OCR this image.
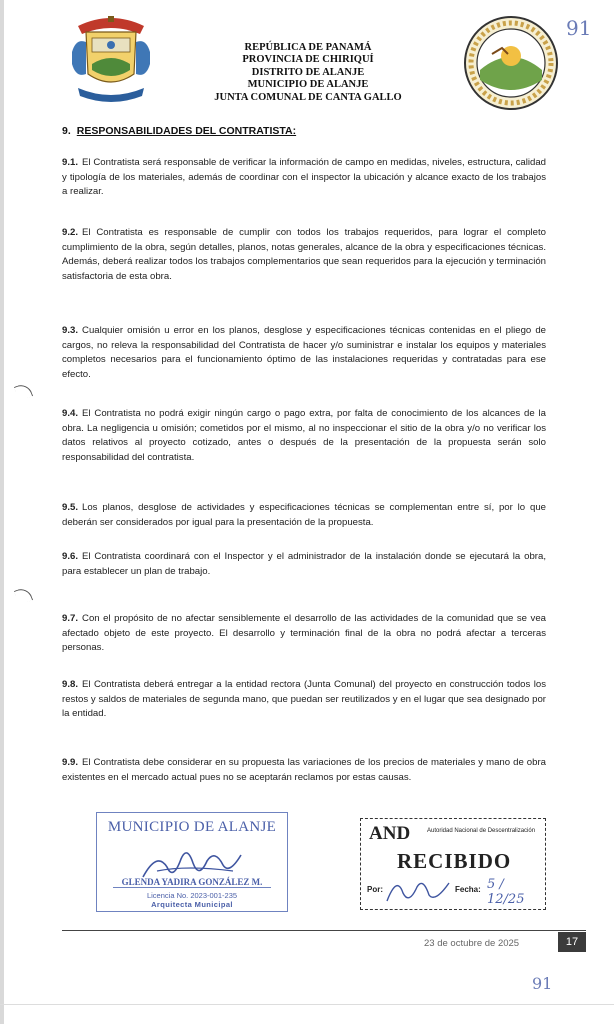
91
REPÚBLICA DE PANAMÁ
PROVINCIA DE CHIRIQUÍ
DISTRITO DE ALANJE
MUNICIPIO DE ALANJE
JUNTA COMUNAL DE CANTA GALLO
9. RESPONSABILIDADES DEL CONTRATISTA:
9.1. El Contratista será responsable de verificar la información de campo en medidas, niveles, estructura, calidad y tipología de los materiales, además de coordinar con el inspector la ubicación y alcance exacto de los trabajos a realizar.
9.2. El Contratista es responsable de cumplir con todos los trabajos requeridos, para lograr el completo cumplimiento de la obra, según detalles, planos, notas generales, alcance de la obra y especificaciones técnicas. Además, deberá realizar todos los trabajos complementarios que sean requeridos para la ejecución y terminación satisfactoria de esta obra.
9.3. Cualquier omisión u error en los planos, desglose y especificaciones técnicas contenidas en el pliego de cargos, no releva la responsabilidad del Contratista de hacer y/o suministrar e instalar los equipos y materiales completos necesarios para el funcionamiento óptimo de las instalaciones requeridas y contratadas para ese efecto.
9.4. El Contratista no podrá exigir ningún cargo o pago extra, por falta de conocimiento de los alcances de la obra. La negligencia u omisión; cometidos por el mismo, al no inspeccionar el sitio de la obra y/o no verificar los datos relativos al proyecto cotizado, antes o después de la presentación de la propuesta serán solo responsabilidad del contratista.
9.5. Los planos, desglose de actividades y especificaciones técnicas se complementan entre sí, por lo que deberán ser considerados por igual para la presentación de la propuesta.
9.6. El Contratista coordinará con el Inspector y el administrador de la instalación donde se ejecutará la obra, para establecer un plan de trabajo.
9.7. Con el propósito de no afectar sensiblemente el desarrollo de las actividades de la comunidad que se vea afectado objeto de este proyecto. El desarrollo y terminación final de la obra no podrá afectar a terceras personas.
9.8. El Contratista deberá entregar a la entidad rectora (Junta Comunal) del proyecto en construcción todos los restos y saldos de materiales de segunda mano, que puedan ser reutilizados y en el lugar que sea designado por la entidad.
9.9. El Contratista debe considerar en su propuesta las variaciones de los precios de materiales y mano de obra existentes en el mercado actual pues no se aceptarán reclamos por estas causas.
MUNICIPIO DE ALANJE
GLENDA YADIRA GONZÁLEZ M.
Licencia No. 2023-001-235
Arquitecta Municipal
AND	Autoridad Nacional de Descentralización
RECIBIDO
Por:	Fecha: 5 / 12/25
23 de octubre de 2025	17
91
